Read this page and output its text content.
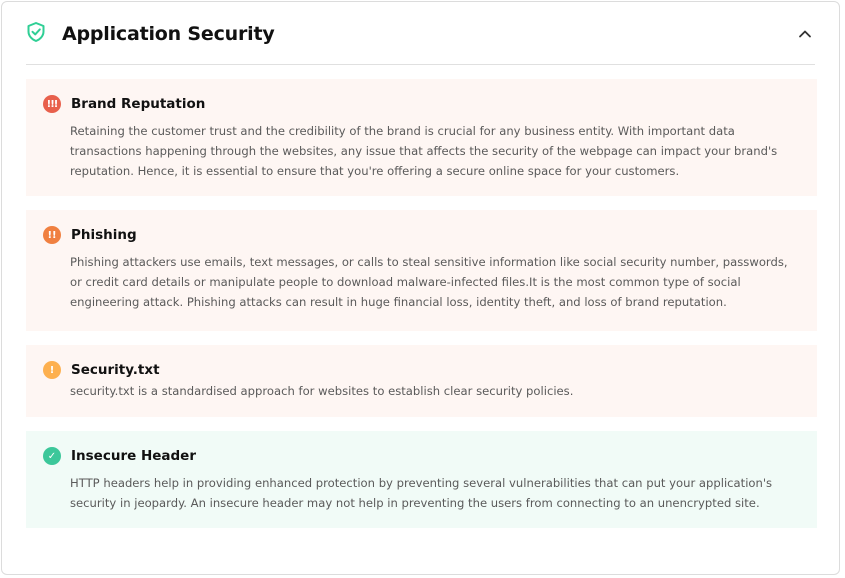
Application Security
!!! Brand Reputation
Retaining the customer trust and the credibility of the brand is crucial for any business entity. With important data transactions happening through the websites, any issue that affects the security of the webpage can impact your brand's reputation. Hence, it is essential to ensure that you're offering a secure online space for your customers.
!!	Phishing
Phishing attackers use emails, text messages, or calls to steal sensitive information like social security number, passwords, or credit card details or manipulate people to download malware-infected files.It is the most common type of social engineering attack. Phishing attacks can result in huge financial loss, identity theft, and loss of brand reputation.
!	Security.txt
security.txt is a standardised approach for websites to establish clear security policies.
✓	Insecure Header
HTTP headers help in providing enhanced protection by preventing several vulnerabilities that can put your application's security in jeopardy. An insecure header may not help in preventing the users from connecting to an unencrypted site.
